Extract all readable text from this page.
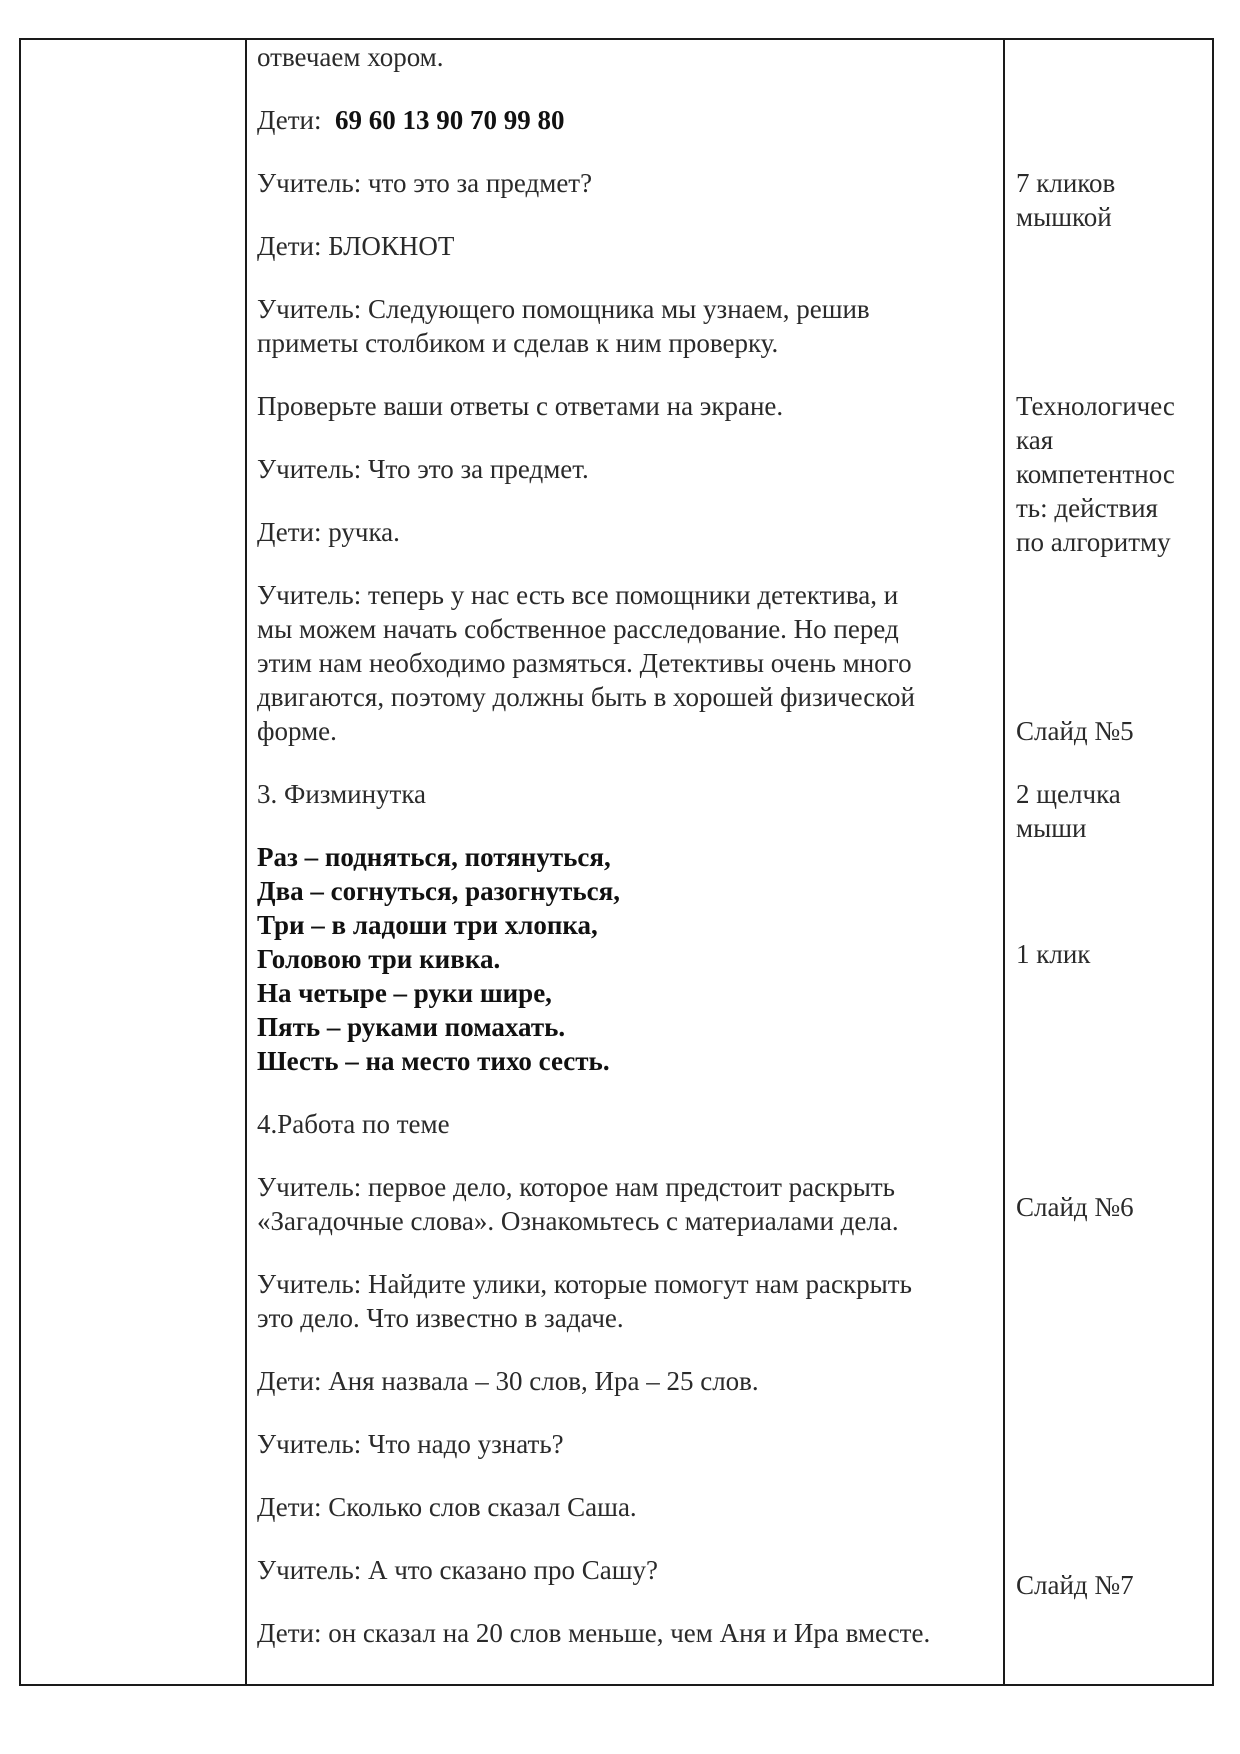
отвечаем хором.

Дети: 69 60 13 90 70 99 80

Учитель: что это за предмет?

Дети: БЛОКНОТ

Учитель: Следующего помощника мы узнаем, решив

приметы столбиком и сделав к ним проверку.

Проверьте ваши ответы с ответами на экране.

Учитель: Что это за предмет.

Дети: ручка.

Учитель: теперь у нас есть все помощники детектива, и

мы можем начать собственное расследование. Но перед

этим нам необходимо размяться. Детективы очень много

двигаются, поэтому должны быть в хорошей физической

форме.

3. Физминутка

Раз – подняться, потянуться,

Два – согнуться, разогнуться,

Три – в ладоши три хлопка,

Головою три кивка.

На четыре – руки шире,

Пять – руками помахать.

Шесть – на место тихо сесть.

4.Работа по теме

Учитель: первое дело, которое нам предстоит раскрыть

«Загадочные слова». Ознакомьтесь с материалами дела.

Учитель: Найдите улики, которые помогут нам раскрыть

это дело. Что известно в задаче.

Дети: Аня назвала – 30 слов, Ира – 25 слов.

Учитель: Что надо узнать?

Дети: Сколько слов сказал Саша.

Учитель: А что сказано про Сашу?

Дети: он сказал на 20 слов меньше, чем Аня и Ира вместе.

7 кликов

мышкой

Технологичес

кая

компетентнос

ть: действия

по алгоритму

Слайд №5

2 щелчка

мыши

1 клик

Слайд №6

Слайд №7
